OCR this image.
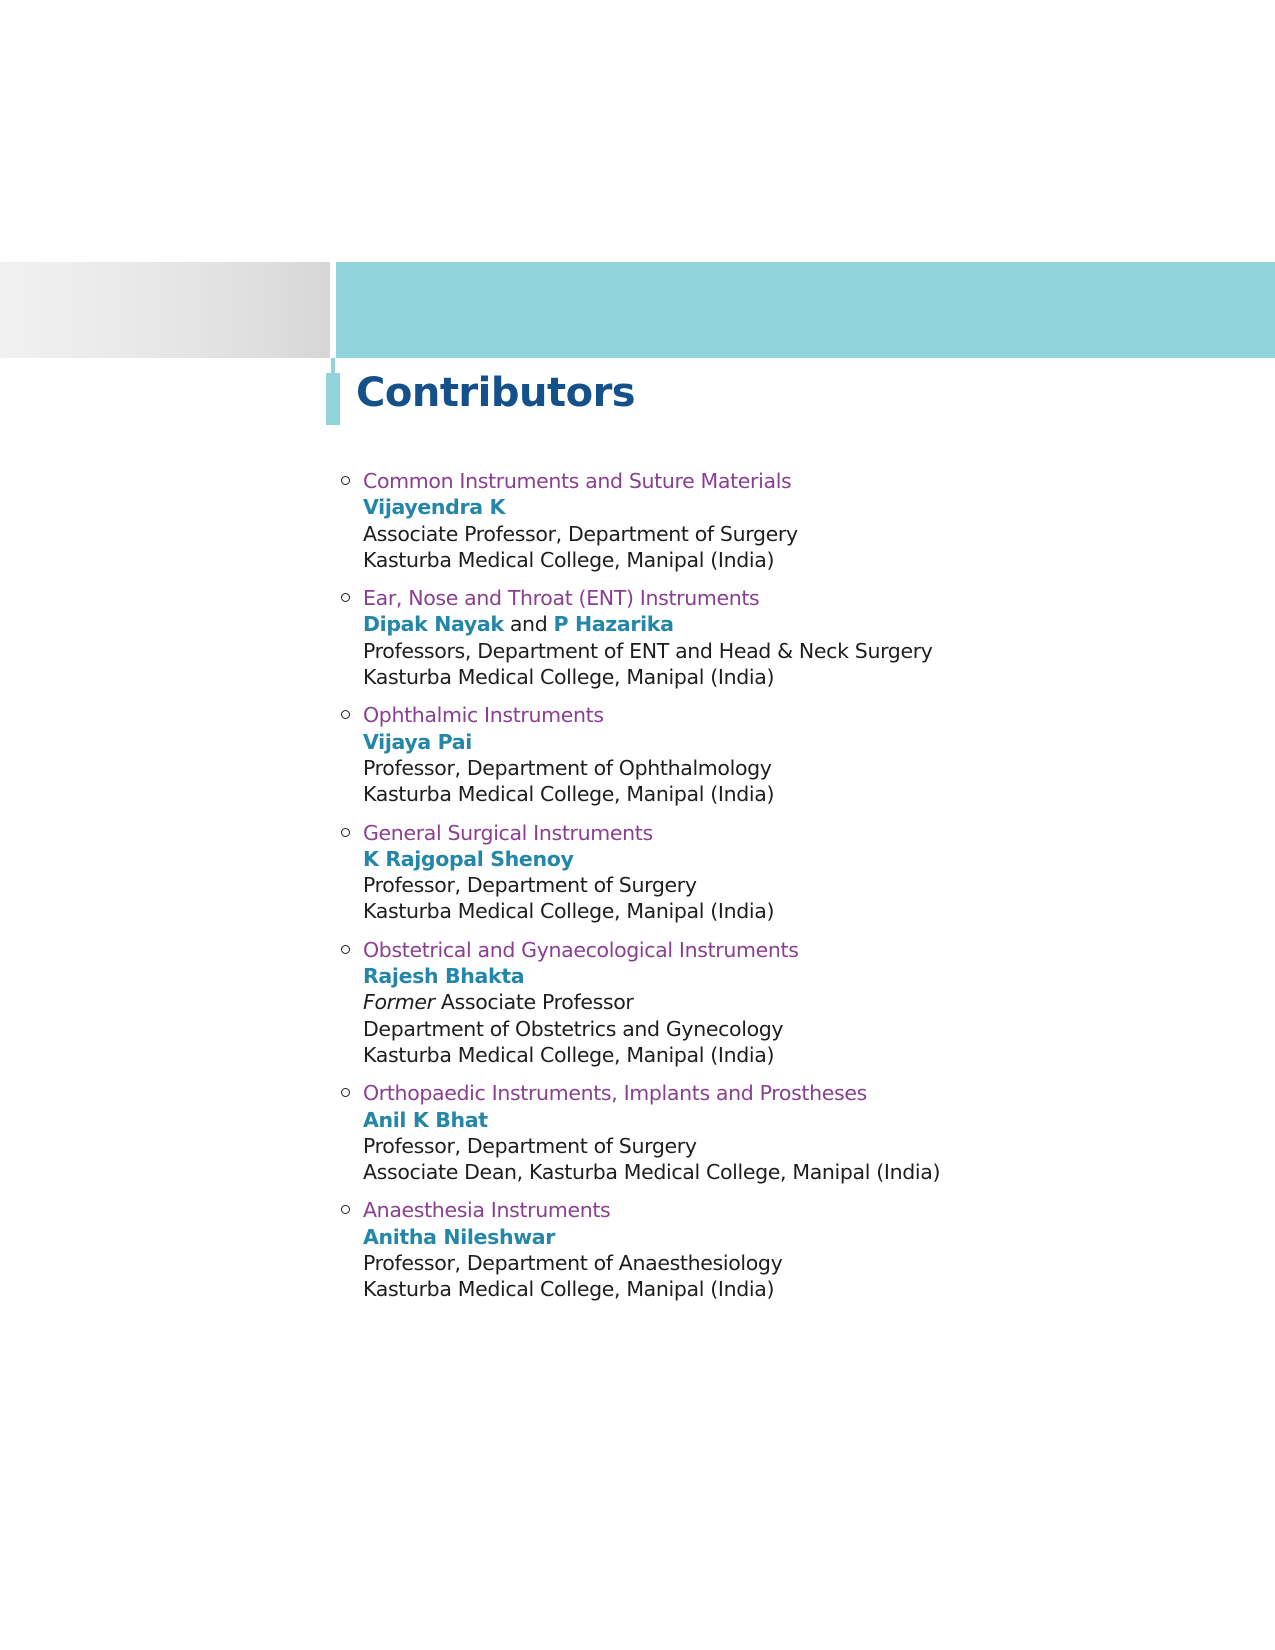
Contributors
Common Instruments and Suture Materials
Vijayendra K
Associate Professor, Department of Surgery
Kasturba Medical College, Manipal (India)
Ear, Nose and Throat (ENT) Instruments
Dipak Nayak and P Hazarika
Professors, Department of ENT and Head & Neck Surgery
Kasturba Medical College, Manipal (India)
Ophthalmic Instruments
Vijaya Pai
Professor, Department of Ophthalmology
Kasturba Medical College, Manipal (India)
General Surgical Instruments
K Rajgopal Shenoy
Professor, Department of Surgery
Kasturba Medical College, Manipal (India)
Obstetrical and Gynaecological Instruments
Rajesh Bhakta
Former Associate Professor
Department of Obstetrics and Gynecology
Kasturba Medical College, Manipal (India)
Orthopaedic Instruments, Implants and Prostheses
Anil K Bhat
Professor, Department of Surgery
Associate Dean, Kasturba Medical College, Manipal (India)
Anaesthesia Instruments
Anitha Nileshwar
Professor, Department of Anaesthesiology
Kasturba Medical College, Manipal (India)
